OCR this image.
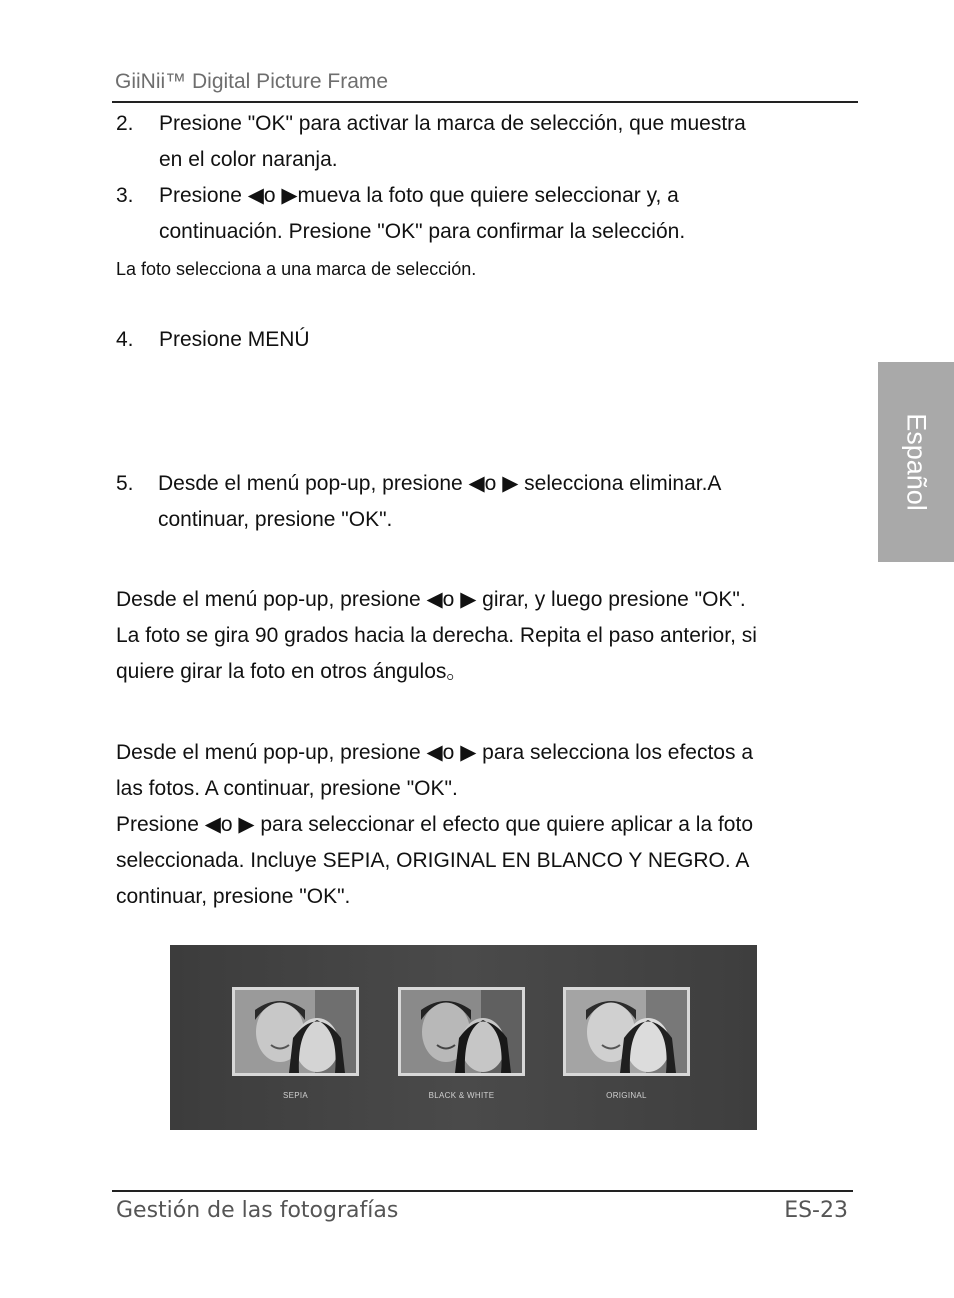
GiiNii™ Digital Picture Frame
2. Presione "OK" para activar la marca de selección, que muestra
en el color naranja.
3. Presione ◀o ▶mueva la foto que quiere seleccionar y, a
continuación. Presione "OK" para confirmar la selección.
La foto selecciona a una marca de selección.
4. Presione MENÚ
5. Desde el menú pop-up, presione ◀o ▶ selecciona eliminar.A
continuar, presione "OK".
Desde el menú pop-up, presione ◀o ▶ girar, y luego presione "OK".
La foto se gira 90 grados hacia la derecha. Repita el paso anterior, si
quiere girar la foto en otros ángulos。
Desde el menú pop-up, presione ◀o ▶ para selecciona los efectos a
las fotos. A continuar, presione "OK".
Presione ◀o ▶ para seleccionar el efecto que quiere aplicar a la foto
seleccionada. Incluye SEPIA, ORIGINAL EN BLANCO Y NEGRO. A
continuar, presione "OK".
Español
SEPIA	BLACK & WHITE	ORIGINAL
Gestión de las fotografías	ES-23
